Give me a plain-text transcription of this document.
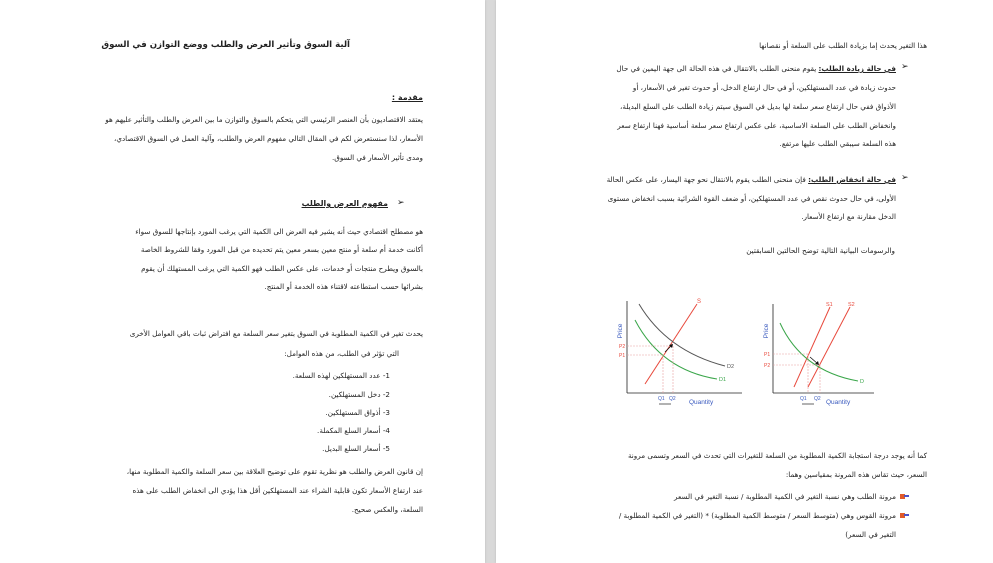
آلية السوق وتأثير العرض والطلب ووضع التوازن في السوق
مقدمة :
يعتقد الاقتصاديون بأن العنصر الرئيسي التي يتحكم بالسوق والتوازن ما بين العرض والطلب والتأثير عليهم هو
الأسعار، لذا سنستعرض لكم في المقال التالي مفهوم العرض والطلب، وآلية العمل في السوق الاقتصادي،
ومدى تأثير الأسعار في السوق.
➢
مفهوم العرض والطلب
هو مصطلح اقتصادي حيث أنه يشير فيه العرض الى الكمية التي يرغب المورد بإنتاجها للسوق سواء
أكانت خدمة أم سلعة أو منتج معين بسعر معين يتم تحديده من قبل المورد وفقا للشروط الخاصة
بالسوق ويطرح منتجات أو خدمات، على عكس الطلب فهو الكمية التي يرغب المستهلك أن يقوم
بشرائها حسب استطاعته لاقتناء هذه الخدمة أو المنتج.
يحدث تغير في الكمية المطلوبة في السوق بتغير سعر السلعة مع افتراض ثبات باقي العوامل الأخرى
التي تؤثر في الطلب، من هذه العوامل:
1- عدد المستهلكين لهذه السلعة.
2- دخل المستهلكين.
3- أذواق المستهلكين.
4- أسعار السلع المكملة.
5- أسعار السلع البديل.
إن قانون العرض والطلب هو نظرية تقوم على توضيح العلاقة بين سعر السلعة والكمية المطلوبة منها،
عند ارتفاع الأسعار تكون قابلية الشراء عند المستهلكين أقل هذا يؤدي الى انخفاض الطلب على هذه
السلعة، والعكس صحيح.
هذا التغير يحدث إما بزيادة الطلب على السلعة أو نقصانها
➢
في حالة زيادة الطلب: يقوم منحنى الطلب بالانتقال في هذه الحالة الى جهة اليمين في حال
حدوث زيادة في عدد المستهلكين، أو في حال ارتفاع الدخل، أو حدوث تغير في الأسعار، أو
الأذواق ففي حال ارتفاع سعر سلعة لها بديل في السوق سيتم زيادة الطلب على السلع البديلة،
وانخفاض الطلب على السلعة الاساسية، على عكس ارتفاع سعر سلعة أساسية فهنا ارتفاع سعر
هذه السلعة سيبقي الطلب عليها مرتفع.
➢
في حالة انخفاض الطلب: فإن منحنى الطلب يقوم بالانتقال نحو جهة اليسار، على عكس الحالة
الأولى، في حال حدوث نقص في عدد المستهلكين، أو ضعف القوة الشرائية بسبب انخفاض مستوى
الدخل مقارنة مع ارتفاع الأسعار.
والرسومات البيانية التالية توضح الحالتين السابقتين
Price
S
D2
D1
P2
P1
Q1 Q2 Quantity
Price
S1	S2
D
P1
P2
Q1 Q2 Quantity
كما أنه يوجد درجة استجابة الكمية المطلوبة من السلعة للتغيرات التي تحدث في السعر وتسمى مرونة
السعر، حيث تقاس هذه المرونة بمقياسين وهما:
مرونة الطلب وهي نسبة التغير في الكمية المطلوبة / نسبة التغير في السعر
مرونة القوس وهي (متوسط السعر / متوسط الكمية المطلوبة) * (التغير في الكمية المطلوبة /
التغير في السعر)
